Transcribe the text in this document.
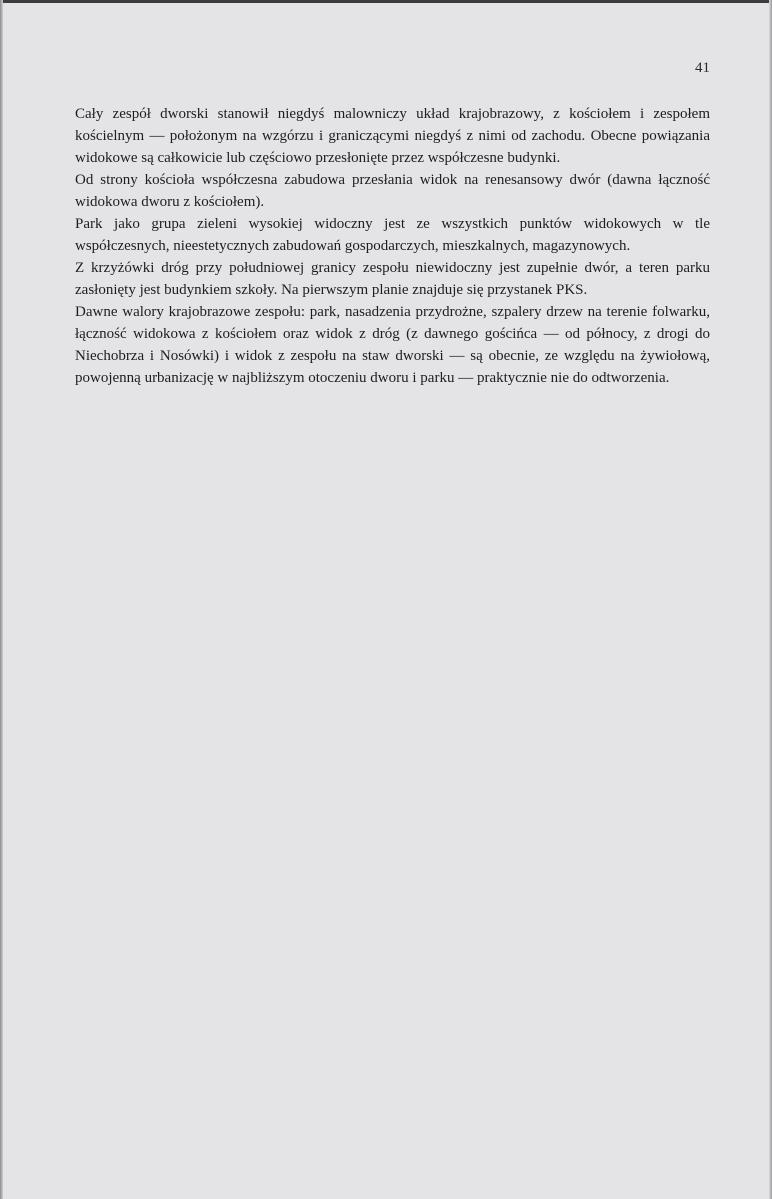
41

Cały zespół dworski stanowił niegdyś malowniczy układ krajobrazowy, z kościołem i zespołem kościelnym — położonym na wzgórzu i graniczącymi niegdyś z nimi od zachodu. Obecne powiązania widokowe są całkowicie lub częściowo przesłonięte przez współczesne budynki.

Od strony kościoła współczesna zabudowa przesłania widok na renesansowy dwór (dawna łączność widokowa dworu z kościołem).

Park jako grupa zieleni wysokiej widoczny jest ze wszystkich punktów widokowych w tle współczesnych, nieestetycznych zabudowań gospodarczych, mieszkalnych, magazynowych.

Z krzyżówki dróg przy południowej granicy zespołu niewidoczny jest zupełnie dwór, a teren parku zasłonięty jest budynkiem szkoły. Na pierwszym planie znajduje się przystanek PKS.

Dawne walory krajobrazowe zespołu: park, nasadzenia przydrożne, szpalery drzew na terenie folwarku, łączność widokowa z kościołem oraz widok z dróg (z dawnego gościńca — od północy, z drogi do Niechobrza i Nosówki) i widok z zespołu na staw dworski — są obecnie, ze względu na żywiołową, powojenną urbanizację w najbliższym otoczeniu dworu i parku — praktycznie nie do odtworzenia.
